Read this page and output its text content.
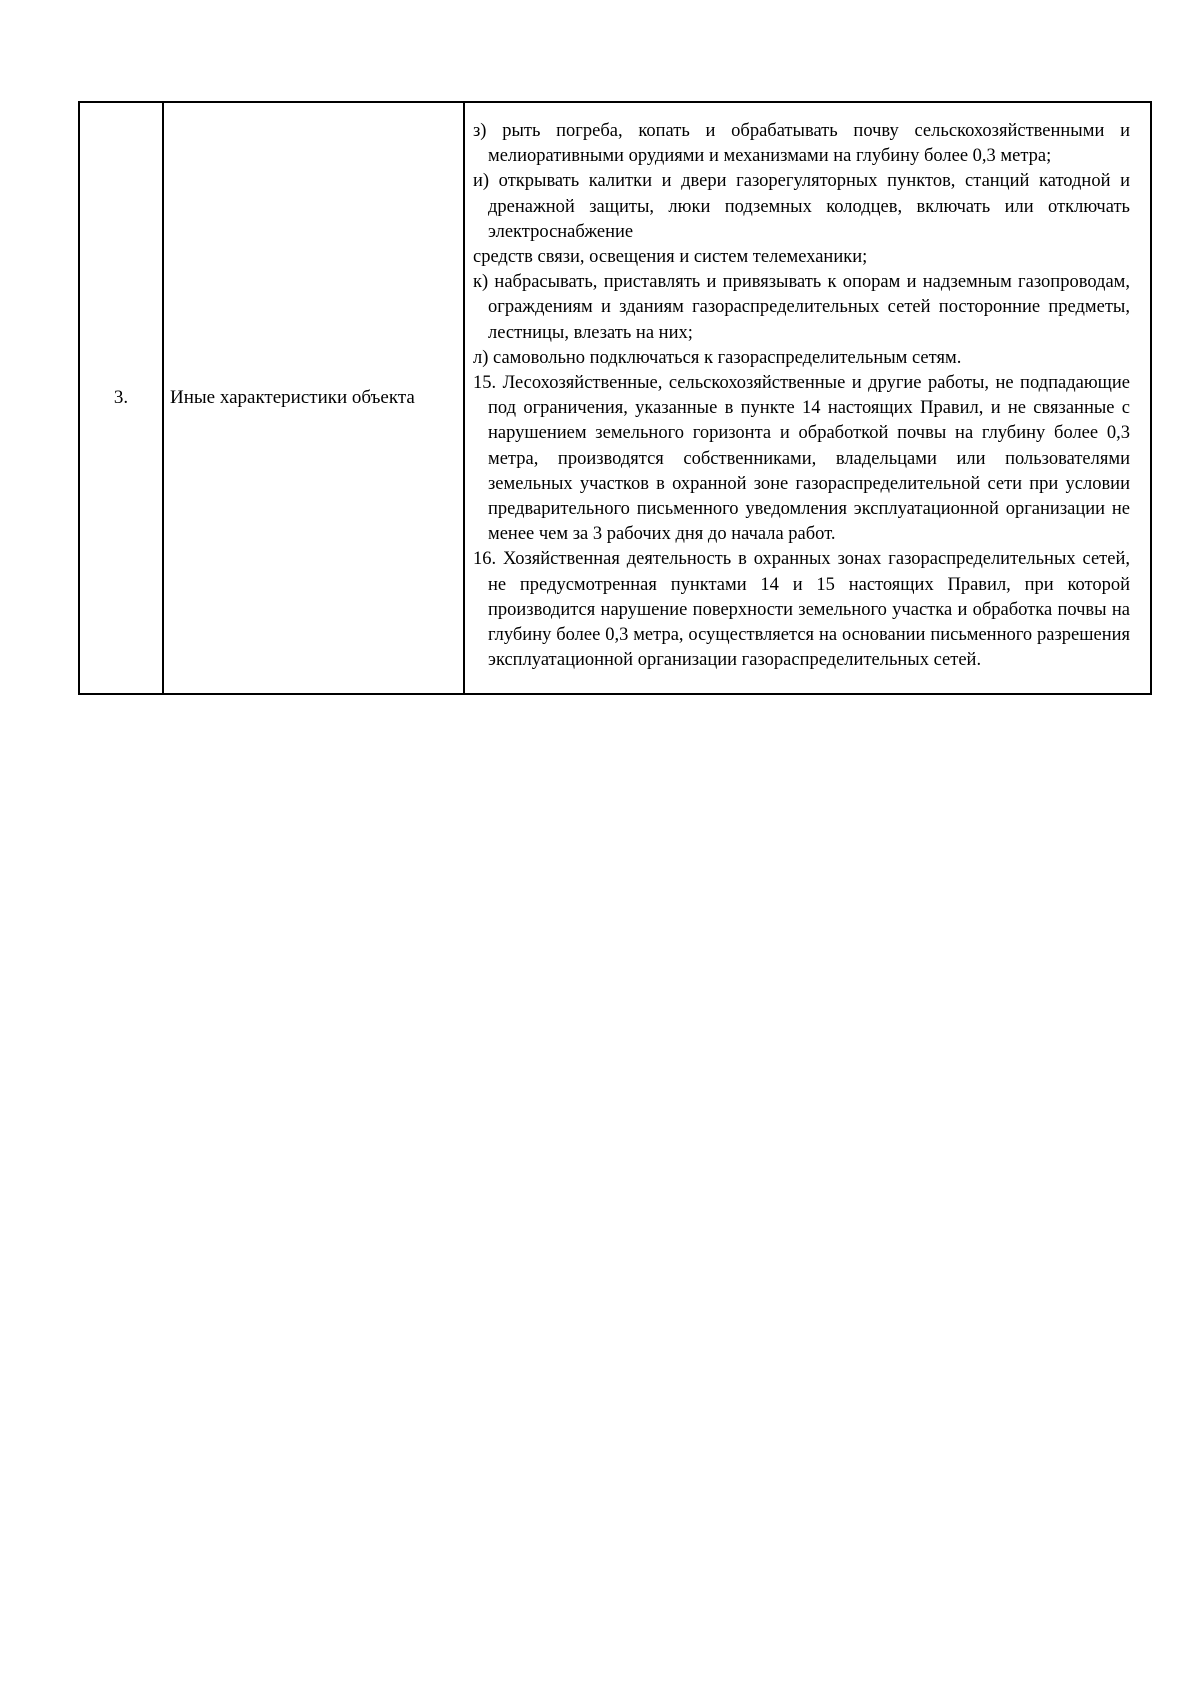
3.	Иные характеристики объекта	

з) рыть погреба, копать и обрабатывать почву сельскохозяйственными и мелиоративными орудиями и механизмами на глубину более 0,3 метра;

и) открывать калитки и двери газорегуляторных пунктов, станций катодной и дренажной защиты, люки подземных колодцев, включать или отключать электроснабжение

средств связи, освещения и систем телемеханики;

к) набрасывать, приставлять и привязывать к опорам и надземным газопроводам, ограждениям и зданиям газораспределительных сетей посторонние предметы, лестницы, влезать на них;

л) самовольно подключаться к газораспределительным сетям.

15. Лесохозяйственные, сельскохозяйственные и другие работы, не подпадающие под ограничения, указанные в пункте 14 настоящих Правил, и не связанные с нарушением земельного горизонта и обработкой почвы на глубину более 0,3 метра, производятся собственниками, владельцами или пользователями земельных участков в охранной зоне газораспределительной сети при условии предварительного письменного уведомления эксплуатационной организации не менее чем за 3 рабочих дня до начала работ.

16. Хозяйственная деятельность в охранных зонах газораспределительных сетей, не предусмотренная пунктами 14 и 15 настоящих Правил, при которой производится нарушение поверхности земельного участка и обработка почвы на глубину более 0,3 метра, осуществляется на основании письменного разрешения эксплуатационной организации газораспределительных сетей.
